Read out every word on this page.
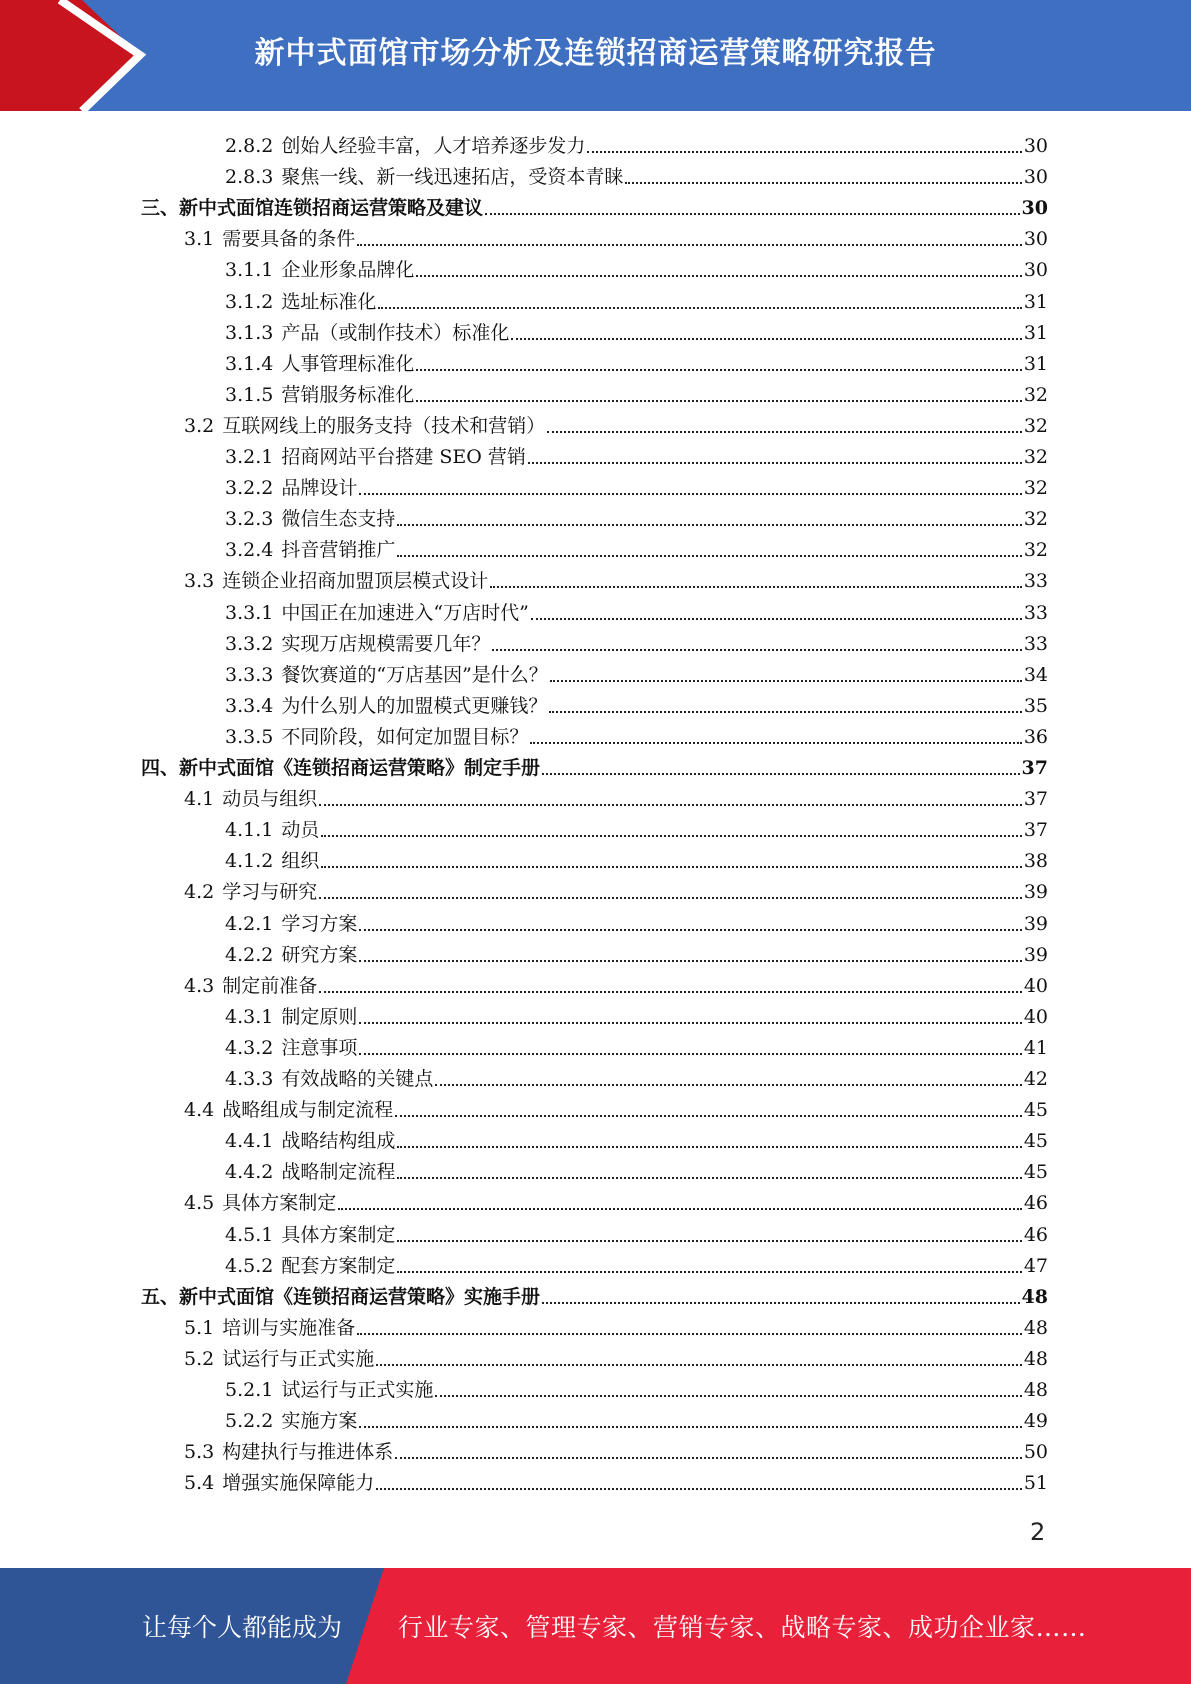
新中式面馆市场分析及连锁招商运营策略研究报告
2.8.2 创始人经验丰富，人才培养逐步发力	30
2.8.3 聚焦一线、新一线迅速拓店，受资本青睐	30
三、新中式面馆连锁招商运营策略及建议	30
3.1 需要具备的条件	30
3.1.1 企业形象品牌化	30
3.1.2 选址标准化	31
3.1.3 产品（或制作技术）标准化	31
3.1.4 人事管理标准化	31
3.1.5 营销服务标准化	32
3.2 互联网线上的服务支持（技术和营销）	32
3.2.1 招商网站平台搭建 SEO 营销	32
3.2.2 品牌设计	32
3.2.3 微信生态支持	32
3.2.4 抖音营销推广	32
3.3 连锁企业招商加盟顶层模式设计	33
3.3.1 中国正在加速进入“万店时代”	33
3.3.2 实现万店规模需要几年？	33
3.3.3 餐饮赛道的“万店基因”是什么？	34
3.3.4 为什么别人的加盟模式更赚钱？	35
3.3.5 不同阶段，如何定加盟目标？	36
四、新中式面馆《连锁招商运营策略》制定手册	37
4.1 动员与组织	37
4.1.1 动员	37
4.1.2 组织	38
4.2 学习与研究	39
4.2.1 学习方案	39
4.2.2 研究方案	39
4.3 制定前准备	40
4.3.1 制定原则	40
4.3.2 注意事项	41
4.3.3 有效战略的关键点	42
4.4 战略组成与制定流程	45
4.4.1 战略结构组成	45
4.4.2 战略制定流程	45
4.5 具体方案制定	46
4.5.1 具体方案制定	46
4.5.2 配套方案制定	47
五、新中式面馆《连锁招商运营策略》实施手册	48
5.1 培训与实施准备	48
5.2 试运行与正式实施	48
5.2.1 试运行与正式实施	48
5.2.2 实施方案	49
5.3 构建执行与推进体系	50
5.4 增强实施保障能力	51
2
让每个人都能成为 行业专家、管理专家、营销专家、战略专家、成功企业家……
